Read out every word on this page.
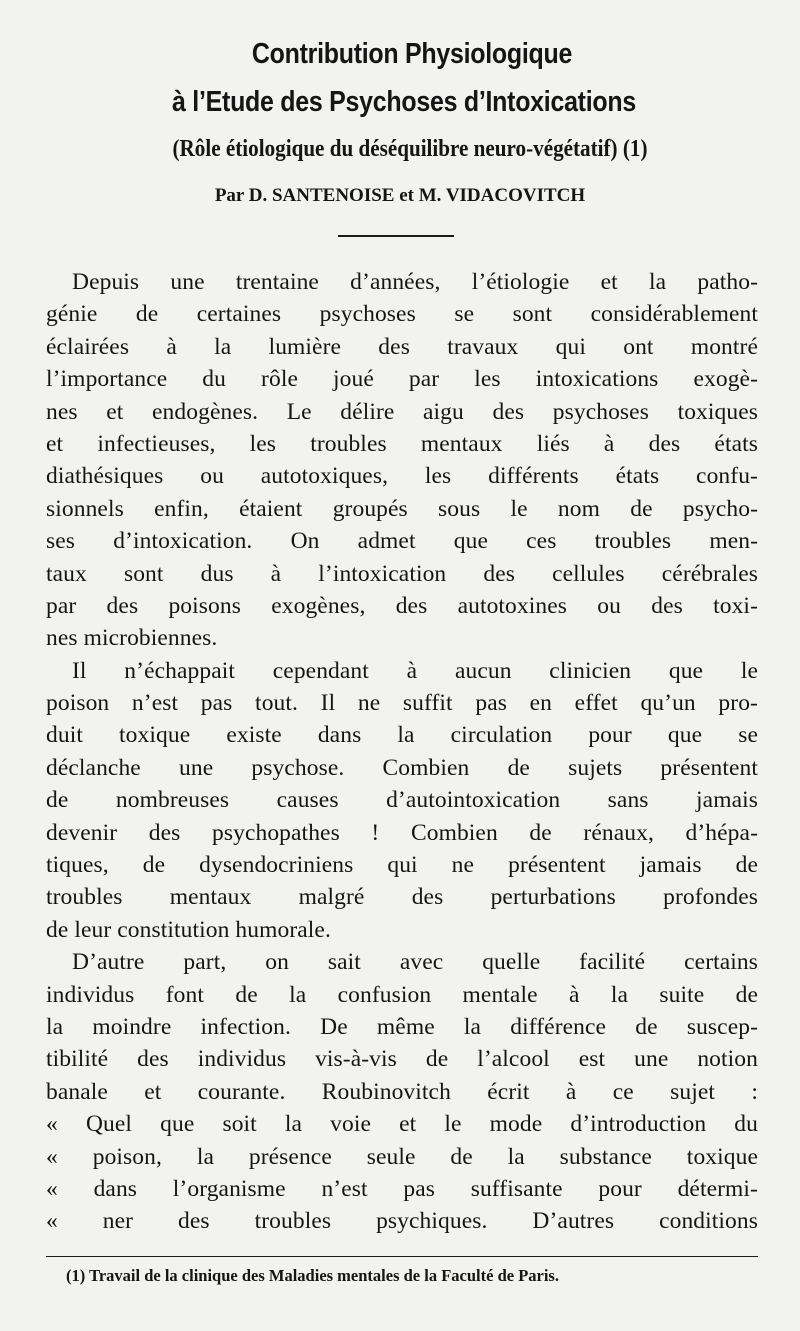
Contribution Physiologique
à l’Etude des Psychoses d’Intoxications
(Rôle étiologique du déséquilibre neuro-végétatif) (1)
Par D. SANTENOISE et M. VIDACOVITCH
Depuis une trentaine d’années, l’étiologie et la patho-
génie de certaines psychoses se sont considérablement
éclairées à la lumière des travaux qui ont montré
l’importance du rôle joué par les intoxications exogè-
nes et endogènes. Le délire aigu des psychoses toxiques
et infectieuses, les troubles mentaux liés à des états
diathésiques ou autotoxiques, les différents états confu-
sionnels enfin, étaient groupés sous le nom de psycho-
ses d’intoxication. On admet que ces troubles men-
taux sont dus à l’intoxication des cellules cérébrales
par des poisons exogènes, des autotoxines ou des toxi-
nes microbiennes.
Il n’échappait cependant à aucun clinicien que le
poison n’est pas tout. Il ne suffit pas en effet qu’un pro-
duit toxique existe dans la circulation pour que se
déclanche une psychose. Combien de sujets présentent
de nombreuses causes d’autointoxication sans jamais
devenir des psychopathes ! Combien de rénaux, d’hépa-
tiques, de dysendocriniens qui ne présentent jamais de
troubles mentaux malgré des perturbations profondes
de leur constitution humorale.
D’autre part, on sait avec quelle facilité certains
individus font de la confusion mentale à la suite de
la moindre infection. De même la différence de suscep-
tibilité des individus vis-à-vis de l’alcool est une notion
banale et courante. Roubinovitch écrit à ce sujet :
« Quel que soit la voie et le mode d’introduction du
« poison, la présence seule de la substance toxique
« dans l’organisme n’est pas suffisante pour détermi-
« ner des troubles psychiques. D’autres conditions
(1) Travail de la clinique des Maladies mentales de la Faculté de Paris.
